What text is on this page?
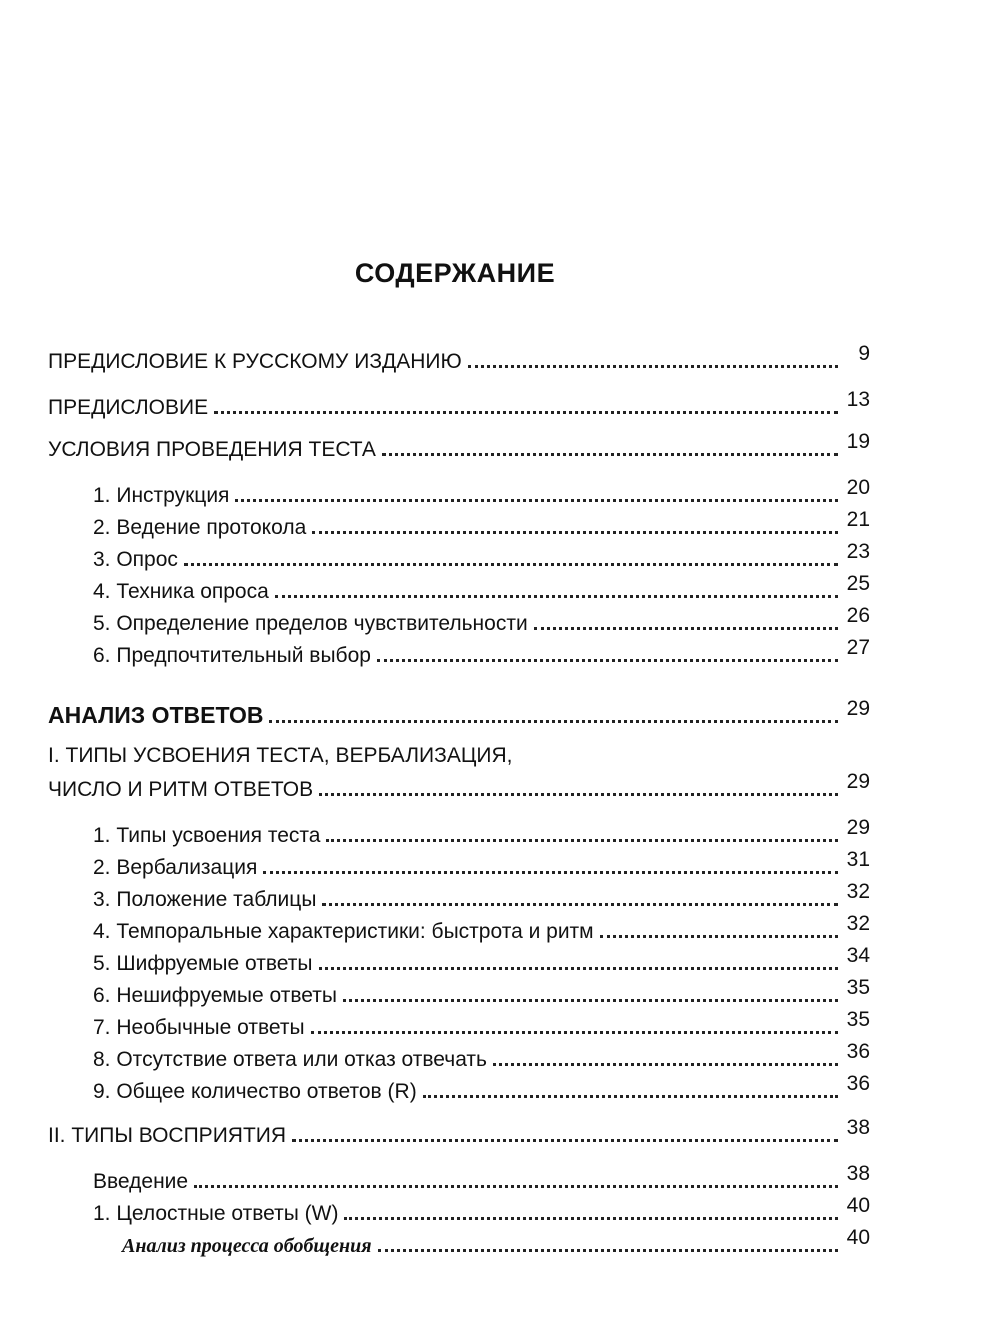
СОДЕРЖАНИЕ
ПРЕДИСЛОВИЕ К РУССКОМУ ИЗДАНИЮ	9
ПРЕДИСЛОВИЕ	13
УСЛОВИЯ ПРОВЕДЕНИЯ ТЕСТА	19
1. Инструкция	20
2. Ведение протокола	21
3. Опрос	23
4. Техника опроса	25
5. Определение пределов чувствительности	26
6. Предпочтительный выбор	27
АНАЛИЗ ОТВЕТОВ	29
I. ТИПЫ УСВОЕНИЯ ТЕСТА, ВЕРБАЛИЗАЦИЯ,
ЧИСЛО И РИТМ ОТВЕТОВ	29
1. Типы усвоения теста	29
2. Вербализация	31
3. Положение таблицы	32
4. Темпоральные характеристики: быстрота и ритм	32
5. Шифруемые ответы	34
6. Нешифруемые ответы	35
7. Необычные ответы	35
8. Отсутствие ответа или отказ отвечать	36
9. Общее количество ответов (R)	36
II. ТИПЫ ВОСПРИЯТИЯ	38
Введение	38
1. Целостные ответы (W)	40
Анализ процесса обобщения	40
